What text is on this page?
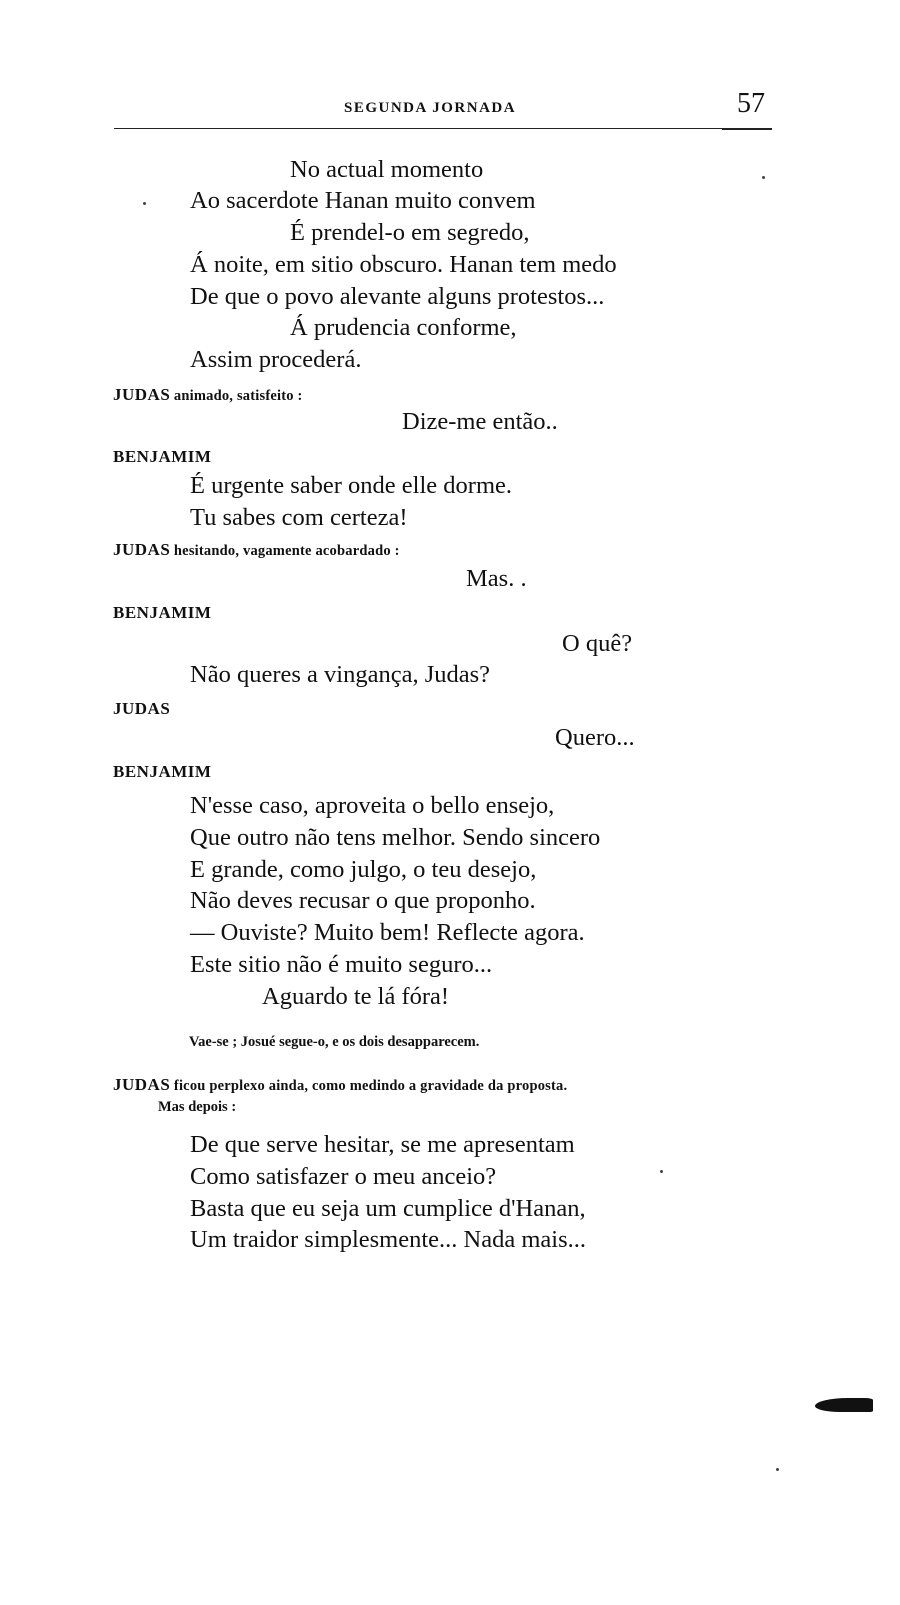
SEGUNDA JORNADA	57
No actual momento
Ao sacerdote Hanan muito convem
É prendel-o em segredo,
Á noite, em sitio obscuro. Hanan tem medo
De que o povo alevante alguns protestos...
Á prudencia conforme,
Assim procederá.
JUDAS animado, satisfeito :
Dize-me então..
BENJAMIM
É urgente saber onde elle dorme.
Tu sabes com certeza!
JUDAS hesitando, vagamente acobardado :
Mas. .
BENJAMIM
O quê?
Não queres a vingança, Judas?
JUDAS
Quero...
BENJAMIM
N'esse caso, aproveita o bello ensejo,
Que outro não tens melhor. Sendo sincero
E grande, como julgo, o teu desejo,
Não deves recusar o que proponho.
— Ouviste? Muito bem! Reflecte agora.
Este sitio não é muito seguro...
Aguardo te lá fóra!
Vae-se ; Josué segue-o, e os dois desapparecem.
JUDAS ficou perplexo ainda, como medindo a gravidade da proposta.
Mas depois :
De que serve hesitar, se me apresentam
Como satisfazer o meu anceio?
Basta que eu seja um cumplice d'Hanan,
Um traidor simplesmente... Nada mais...
